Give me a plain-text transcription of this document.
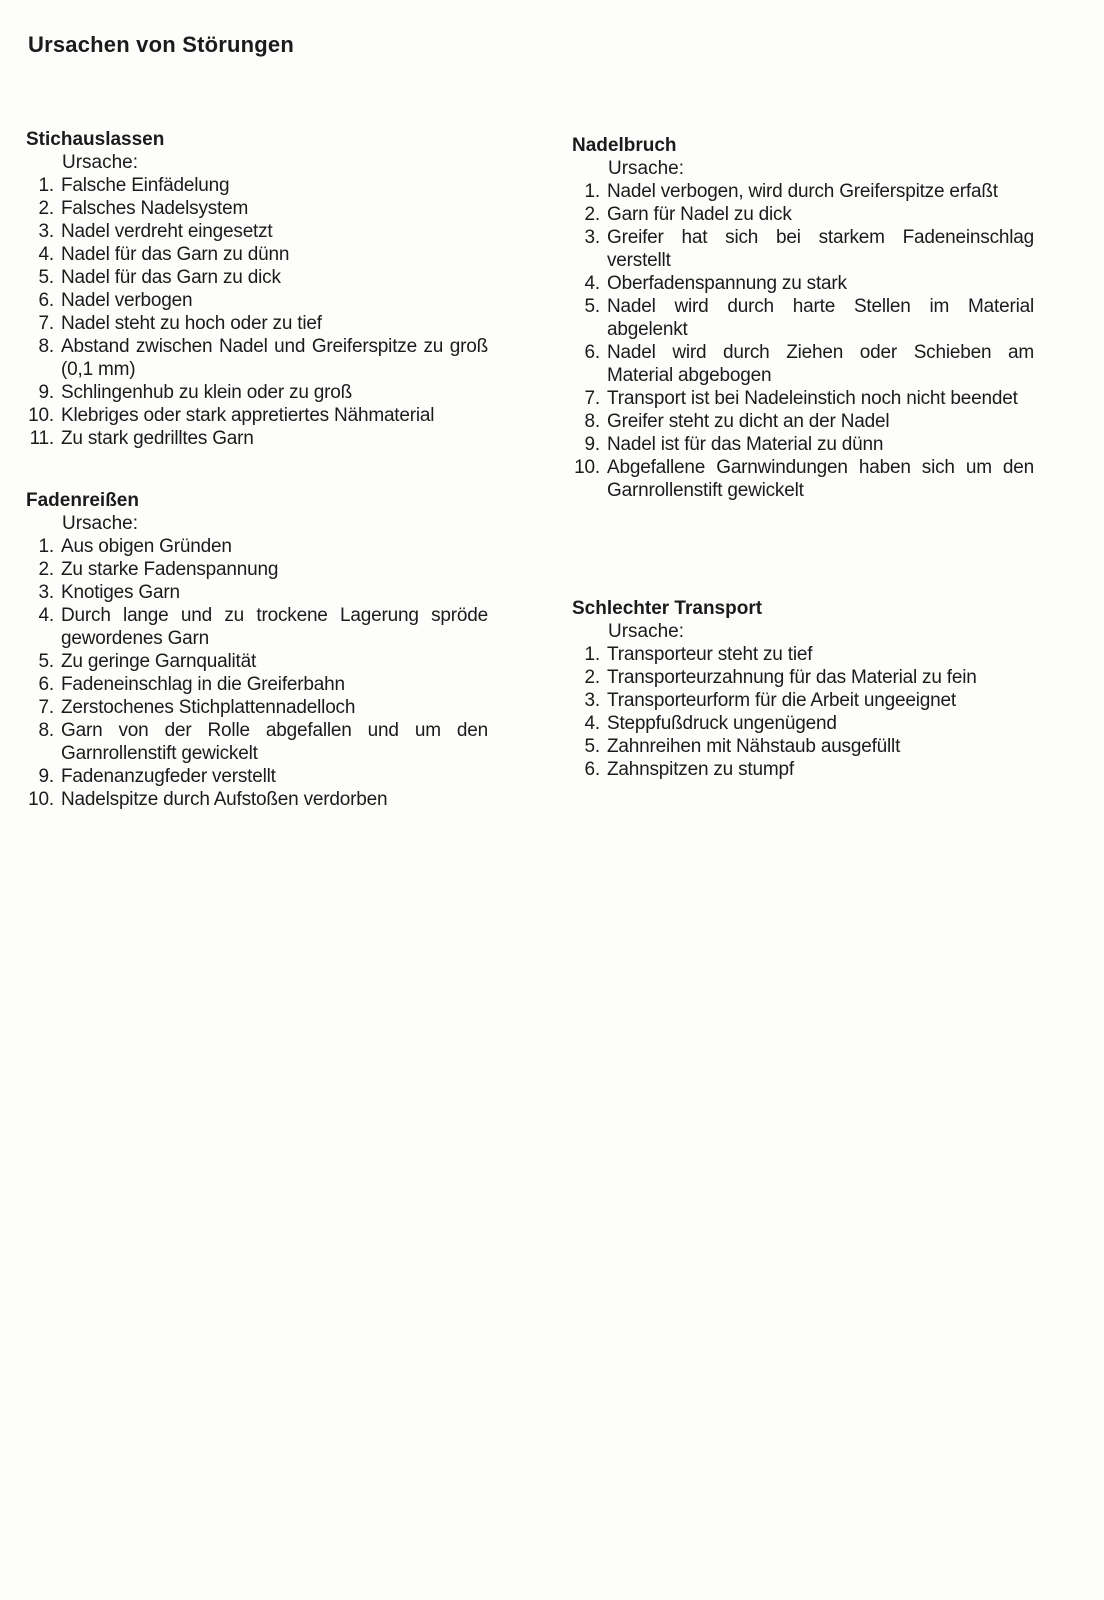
Ursachen von Störungen
Stichauslassen
Ursache:
1. Falsche Einfädelung
2. Falsches Nadelsystem
3. Nadel verdreht eingesetzt
4. Nadel für das Garn zu dünn
5. Nadel für das Garn zu dick
6. Nadel verbogen
7. Nadel steht zu hoch oder zu tief
8. Abstand zwischen Nadel und Greiferspitze zu groß (0,1 mm)
9. Schlingenhub zu klein oder zu groß
10. Klebriges oder stark appretiertes Nähmaterial
11. Zu stark gedrilltes Garn
Fadenreißen
Ursache:
1. Aus obigen Gründen
2. Zu starke Fadenspannung
3. Knotiges Garn
4. Durch lange und zu trockene Lagerung spröde gewordenes Garn
5. Zu geringe Garnqualität
6. Fadeneinschlag in die Greiferbahn
7. Zerstochenes Stichplattennadelloch
8. Garn von der Rolle abgefallen und um den Garnrollenstift gewickelt
9. Fadenanzugfeder verstellt
10. Nadelspitze durch Aufstoßen verdorben
Nadelbruch
Ursache:
1. Nadel verbogen, wird durch Greiferspitze erfaßt
2. Garn für Nadel zu dick
3. Greifer hat sich bei starkem Fadeneinschlag verstellt
4. Oberfadenspannung zu stark
5. Nadel wird durch harte Stellen im Material abgelenkt
6. Nadel wird durch Ziehen oder Schieben am Material abgebogen
7. Transport ist bei Nadeleinstich noch nicht beendet
8. Greifer steht zu dicht an der Nadel
9. Nadel ist für das Material zu dünn
10. Abgefallene Garnwindungen haben sich um den Garnrollenstift gewickelt
Schlechter Transport
Ursache:
1. Transporteur steht zu tief
2. Transporteurzahnung für das Material zu fein
3. Transporteurform für die Arbeit ungeeignet
4. Steppfußdruck ungenügend
5. Zahnreihen mit Nähstaub ausgefüllt
6. Zahnspitzen zu stumpf
